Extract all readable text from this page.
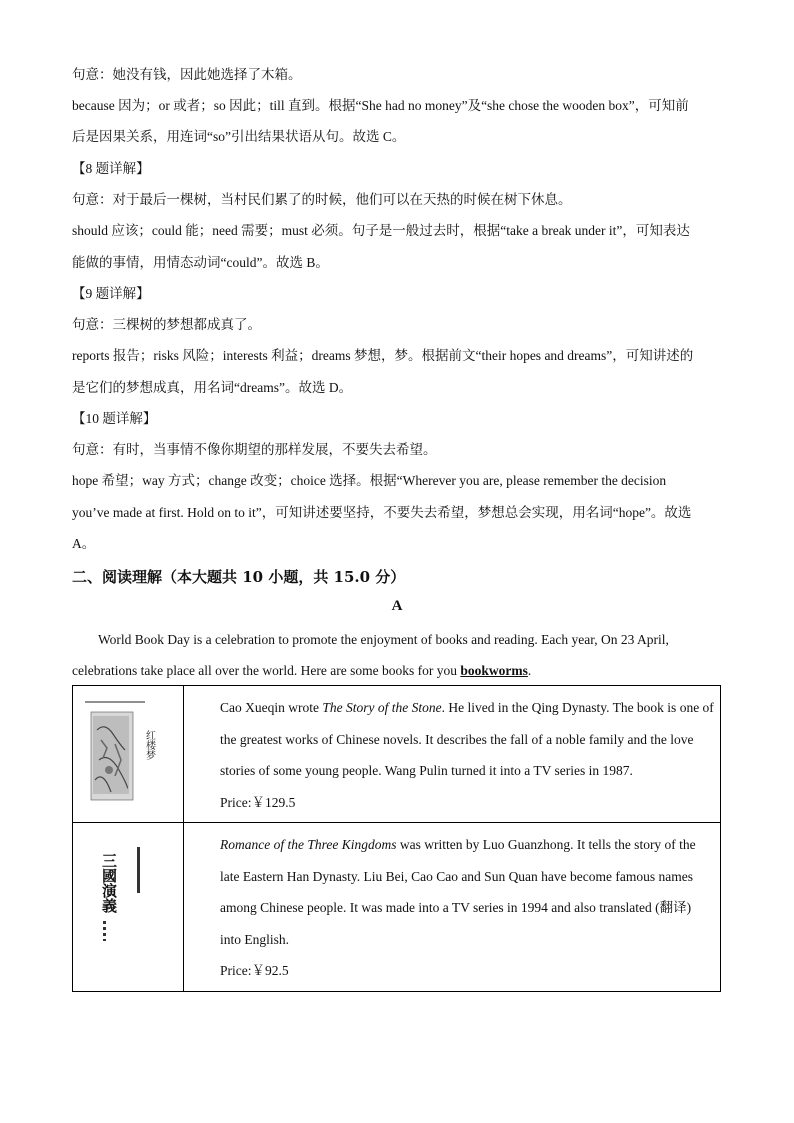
句意：她没有钱，因此她选择了木箱。
because 因为；or 或者；so 因此；till 直到。根据“She had no money”及“she chose the wooden box”，可知前
后是因果关系，用连词“so”引出结果状语从句。故选 C。
【8 题详解】
句意：对于最后一棵树，当村民们累了的时候，他们可以在天热的时候在树下休息。
should 应该；could 能；need 需要；must 必须。句子是一般过去时，根据“take a break under it”，可知表达
能做的事情，用情态动词“could”。故选 B。
【9 题详解】
句意：三棵树的梦想都成真了。
reports 报告；risks 风险；interests 利益；dreams 梦想，梦。根据前文“their hopes and dreams”，可知讲述的
是它们的梦想成真，用名词“dreams”。故选 D。
【10 题详解】
句意：有时，当事情不像你期望的那样发展，不要失去希望。
hope 希望；way 方式；change 改变；choice 选择。根据“Wherever you are, please remember the decision
you’ve made at first. Hold on to it”，可知讲述要坚持，不要失去希望，梦想总会实现，用名词“hope”。故选
A。
二、阅读理解（本大题共 10 小题，共 15.0 分）
A
World Book Day is a celebration to promote the enjoyment of books and reading. Each year, On 23 April, celebrations take place all over the world. Here are some books for you bookworms.
红楼梦	Cao Xueqin wrote The Story of the Stone. He lived in the Qing Dynasty. The book is one of the greatest works of Chinese novels. It describes the fall of a noble family and the love stories of some young people. Wang Pulin turned it into a TV series in 1987.
Price:￥129.5

三國演義	Romance of the Three Kingdoms was written by Luo Guanzhong. It tells the story of the late Eastern Han Dynasty. Liu Bei, Cao Cao and Sun Quan have become famous names among Chinese people. It was made into a TV series in 1994 and also translated (翻译) into English.
Price:￥92.5
